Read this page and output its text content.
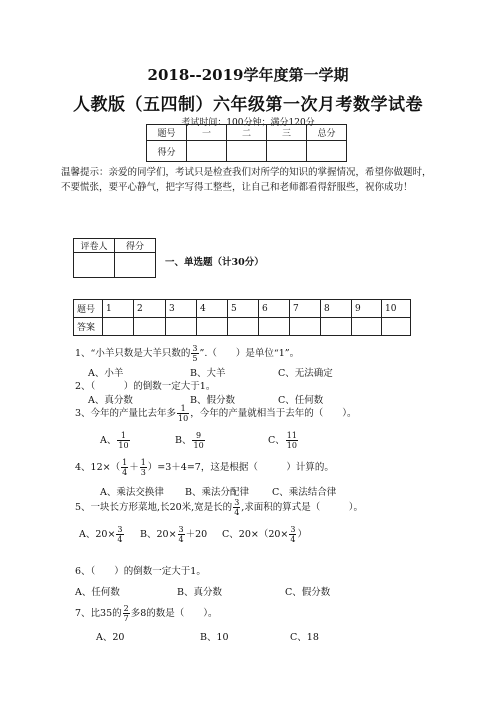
2018--2019学年度第一学期
人教版（五四制）六年级第一次月考数学试卷
考试时间：100分钟；满分120分
题号	一	二	三	总分
得分				
温馨提示：亲爱的同学们，考试只是检查我们对所学的知识的掌握情况，希望你做题时，不要慌张，要平心静气，把字写得工整些，让自己和老师都看得舒服些，祝你成功！
评卷人	得分

一、单选题（计30分）
题号	1	2	3	4	5	6	7	8	9	10
答案										
1、“小羊只数是大羊只数的 $\frac{3}{5}$ ”.（　　）是单位“1”。
A、小羊	B、大羊	C、无法确定
2、（　　　）的倒数一定大于1。
A、真分数	B、假分数	C、任何数
3、今年的产量比去年多 $\frac{1}{10}$ ，今年的产量就相当于去年的（　　）。
A、 $\frac{1}{10}$	B、 $\frac{9}{10}$	C、 $\frac{11}{10}$
4、$12\times( \frac{1}{4} + \frac{1}{3} )=3+4=7$，这是根据（　　　）计算的。
A、乘法交换律 B、乘法分配律 C、乘法结合律
5、一块长方形菜地,长20米,宽是长的 $\frac{3}{4}$ ,求面积的算式是（　　　）。
A、$20\times \frac{3}{4}$ B、$20\times \frac{3}{4} +20$ C、$20\times(20\times \frac{3}{4}$ ）
6、（　　）的倒数一定大于1。
A、任何数	B、真分数	C、假分数
7、比35的 $\frac{2}{7}$ 多8的数是（　　）。
A、20	B、10	C、18
